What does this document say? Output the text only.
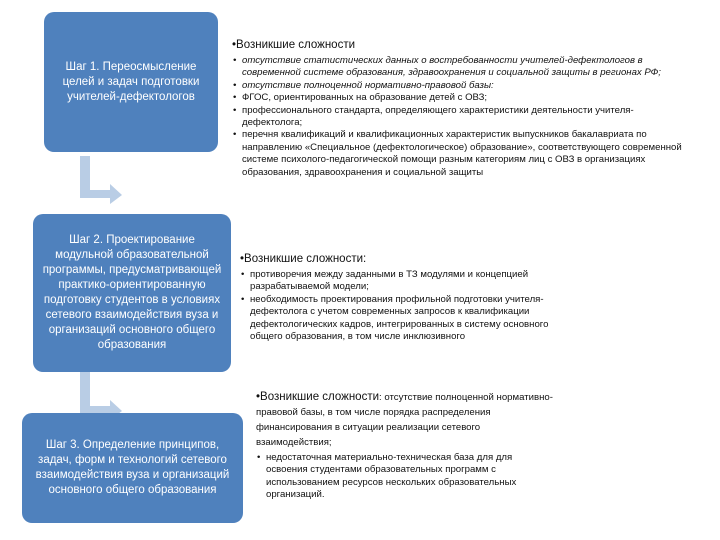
Шаг 1. Переосмысление целей и задач подготовки учителей-дефектологов
Шаг 2. Проектирование модульной образовательной программы, предусматривающей практико-ориентированную подготовку студентов в условиях сетевого взаимодействия вуза и организаций основного общего образования
Шаг 3. Определение принципов, задач, форм и технологий сетевого взаимодействия вуза и организаций основного общего образования
• Возникшие сложности
• отсутствие статистических данных о востребованности учителей-дефектологов в современной системе образования, здравоохранения и социальной защиты в регионах РФ;
• отсутствие полноценной нормативно-правовой базы:
• ФГОС, ориентированных на образование детей с ОВЗ;
• профессионального стандарта, определяющего характеристики деятельности учителя-дефектолога;
• перечня квалификаций и квалификационных характеристик выпускников бакалавриата по направлению «Специальное (дефектологическое) образование», соответствующего современной системе психолого-педагогической помощи разным категориям лиц с ОВЗ в организациях образования, здравоохранения и социальной защиты
• Возникшие сложности:
• противоречия между заданными в ТЗ модулями и концепцией разрабатываемой модели;
• необходимость проектирования профильной подготовки учителя-дефектолога с учетом современных запросов к квалификации дефектологических кадров, интегрированных в систему основного общего образования, в том числе инклюзивного
• Возникшие сложности: отсутствие полноценной нормативно-правовой базы, в том числе порядка распределения финансирования в ситуации реализации сетевого взаимодействия;
• недостаточная материально-техническая база для для освоения студентами образовательных программ с использованием ресурсов нескольких образовательных организаций.
